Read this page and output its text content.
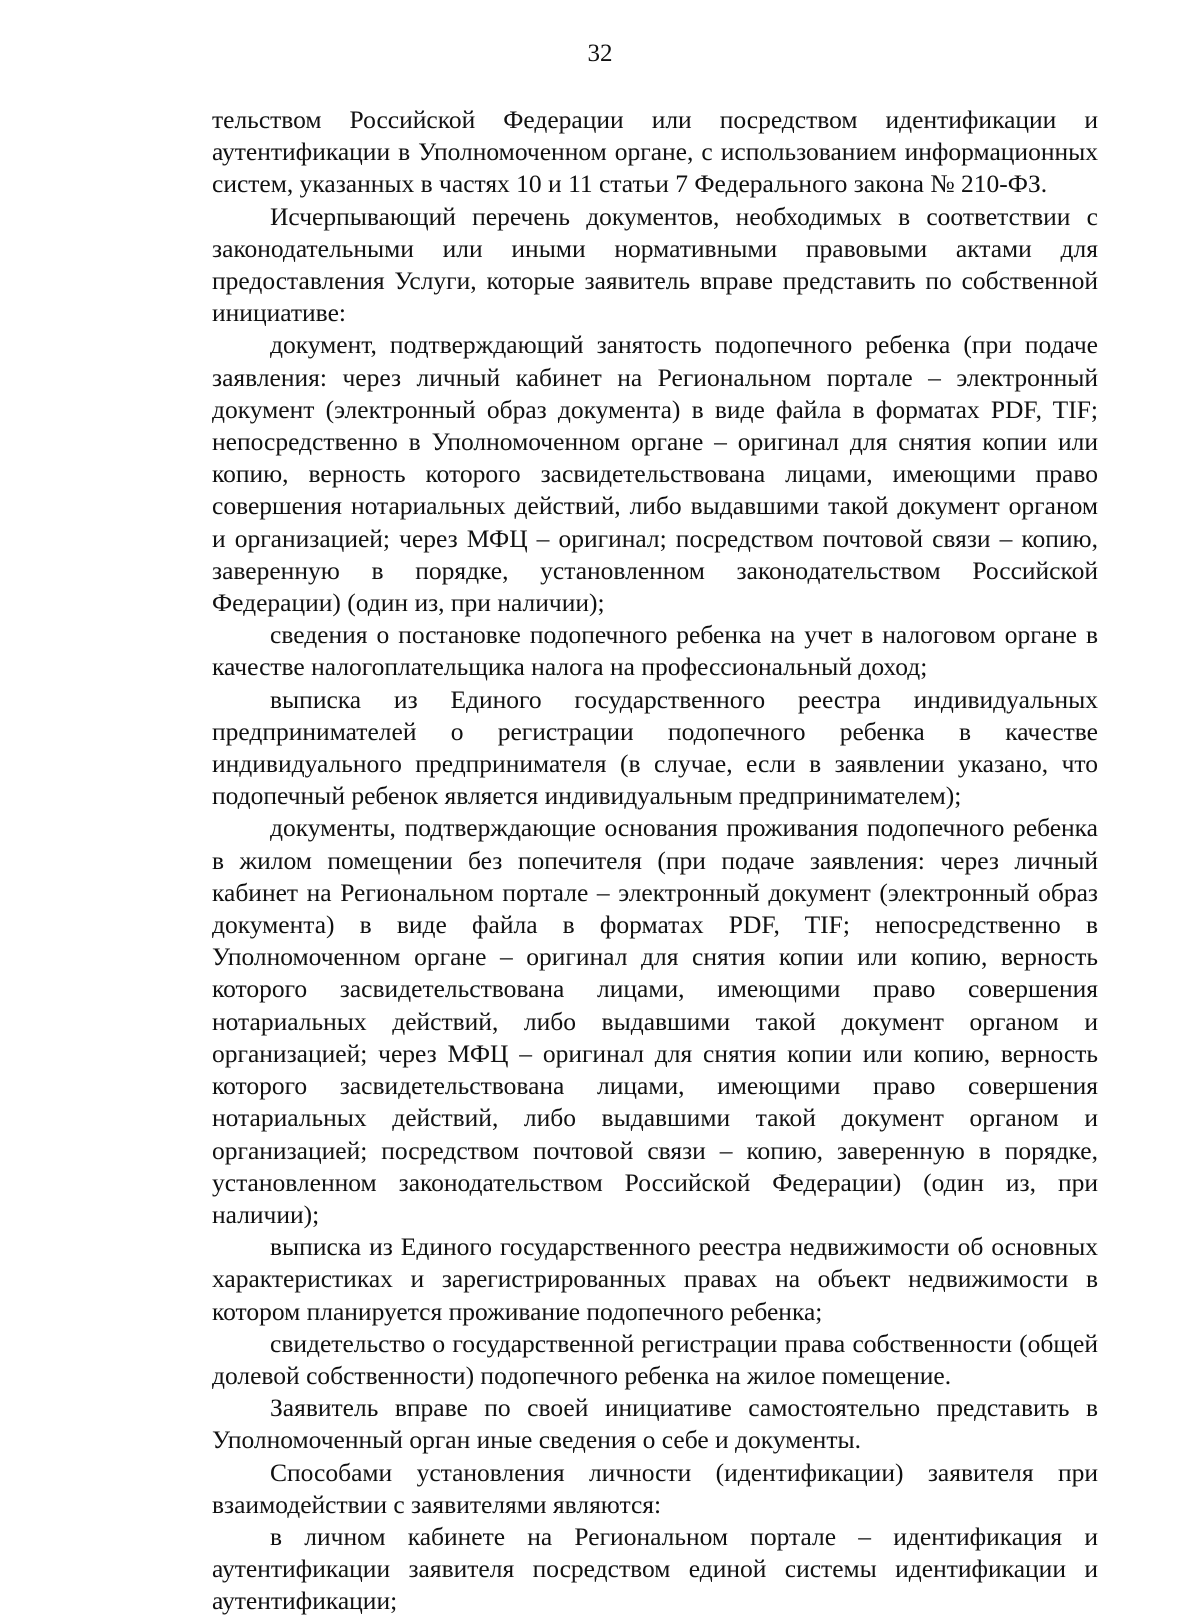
32

тельством Российской Федерации или посредством идентификации и аутентификации в Уполномоченном органе, с использованием информационных систем, указанных в частях 10 и 11 статьи 7 Федерального закона № 210-ФЗ.

Исчерпывающий перечень документов, необходимых в соответствии с законодательными или иными нормативными правовыми актами для предоставления Услуги, которые заявитель вправе представить по собственной инициативе:

документ, подтверждающий занятость подопечного ребенка (при подаче заявления: через личный кабинет на Региональном портале – электронный документ (электронный образ документа) в виде файла в форматах PDF, TIF; непосредственно в Уполномоченном органе – оригинал для снятия копии или копию, верность которого засвидетельствована лицами, имеющими право совершения нотариальных действий, либо выдавшими такой документ органом и организацией; через МФЦ – оригинал; посредством почтовой связи – копию, заверенную в порядке, установленном законодательством Российской Федерации) (один из, при наличии);

сведения о постановке подопечного ребенка на учет в налоговом органе в качестве налогоплательщика налога на профессиональный доход;

выписка из Единого государственного реестра индивидуальных предпринимателей о регистрации подопечного ребенка в качестве индивидуального предпринимателя (в случае, если в заявлении указано, что подопечный ребенок является индивидуальным предпринимателем);

документы, подтверждающие основания проживания подопечного ребенка в жилом помещении без попечителя (при подаче заявления: через личный кабинет на Региональном портале – электронный документ (электронный образ документа) в виде файла в форматах PDF, TIF; непосредственно в Уполномоченном органе – оригинал для снятия копии или копию, верность которого засвидетельствована лицами, имеющими право совершения нотариальных действий, либо выдавшими такой документ органом и организацией; через МФЦ – оригинал для снятия копии или копию, верность которого засвидетельствована лицами, имеющими право совершения нотариальных действий, либо выдавшими такой документ органом и организацией; посредством почтовой связи – копию, заверенную в порядке, установленном законодательством Российской Федерации) (один из, при наличии);

выписка из Единого государственного реестра недвижимости об основных характеристиках и зарегистрированных правах на объект недвижимости в котором планируется проживание подопечного ребенка;

свидетельство о государственной регистрации права собственности (общей долевой собственности) подопечного ребенка на жилое помещение.

Заявитель вправе по своей инициативе самостоятельно представить в Уполномоченный орган иные сведения о себе и документы.

Способами установления личности (идентификации) заявителя при взаимодействии с заявителями являются:

в личном кабинете на Региональном портале – идентификация и аутентификации заявителя посредством единой системы идентификации и аутентификации;
